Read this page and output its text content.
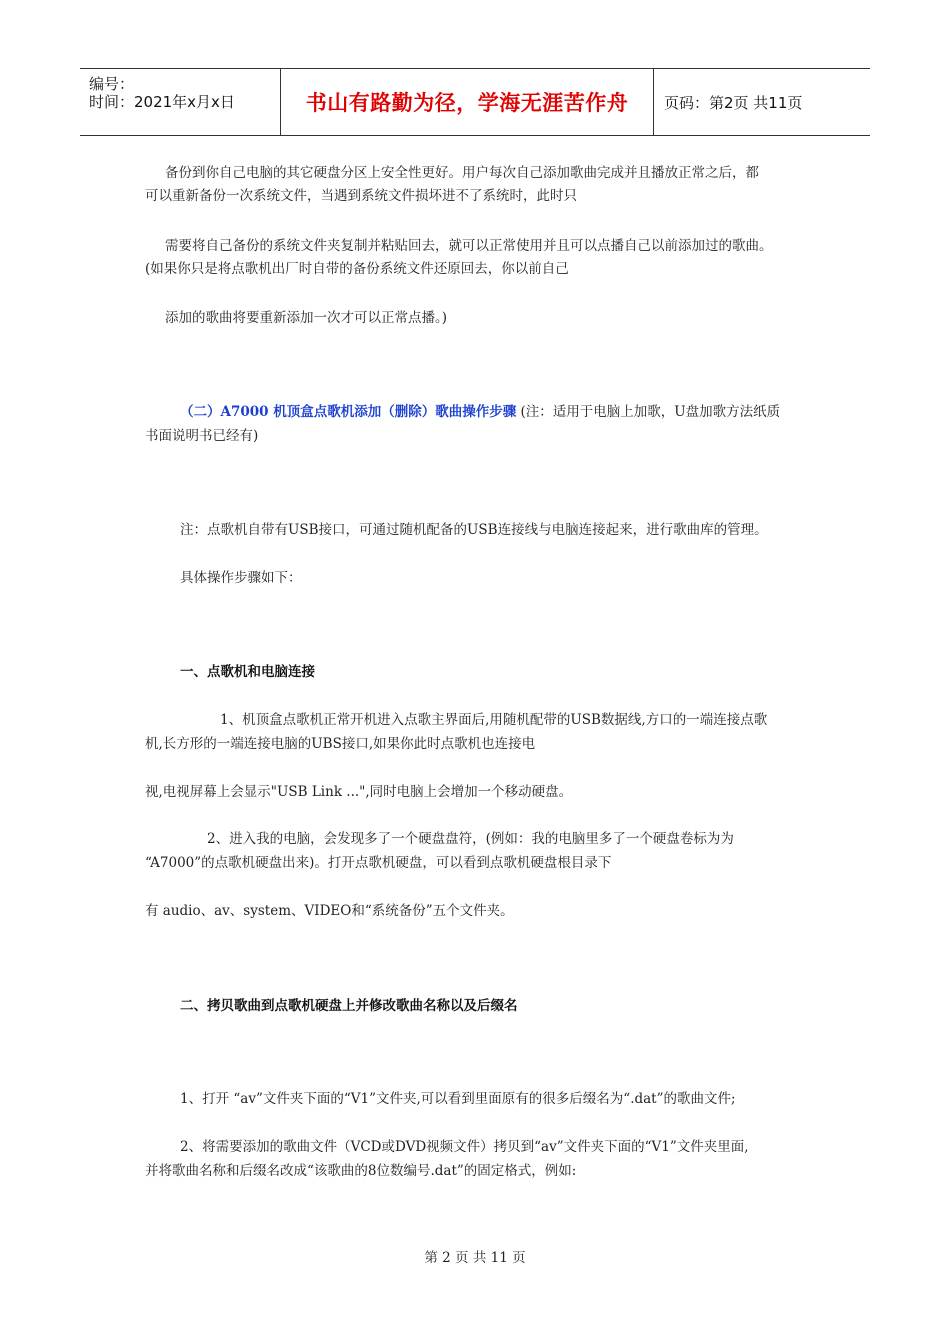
编号：
时间：2021年x月x日	书山有路勤为径，学海无涯苦作舟 页码：第2页 共11页
备份到你自己电脑的其它硬盘分区上安全性更好。用户每次自己添加歌曲完成并且播放正常之后，都
可以重新备份一次系统文件，当遇到系统文件损坏进不了系统时，此时只
需要将自己备份的系统文件夹复制并粘贴回去，就可以正常使用并且可以点播自己以前添加过的歌曲。
(如果你只是将点歌机出厂时自带的备份系统文件还原回去，你以前自己
添加的歌曲将要重新添加一次才可以正常点播。)
（二）A7000 机顶盒点歌机添加（删除）歌曲操作步骤 (注：适用于电脑上加歌，U盘加歌方法纸质
书面说明书已经有)
注：点歌机自带有USB接口，可通过随机配备的USB连接线与电脑连接起来，进行歌曲库的管理。
具体操作步骤如下：
一、点歌机和电脑连接
1、机顶盒点歌机正常开机进入点歌主界面后,用随机配带的USB数据线,方口的一端连接点歌
机,长方形的一端连接电脑的UBS接口,如果你此时点歌机也连接电
视,电视屏幕上会显示"USB Link ...",同时电脑上会增加一个移动硬盘。
2、进入我的电脑，会发现多了一个硬盘盘符，(例如：我的电脑里多了一个硬盘卷标为为
“A7000”的点歌机硬盘出来)。打开点歌机硬盘，可以看到点歌机硬盘根目录下
有 audio、av、system、VIDEO和“系统备份”五个文件夹。
二、拷贝歌曲到点歌机硬盘上并修改歌曲名称以及后缀名
1、打开 “av”文件夹下面的“V1”文件夹,可以看到里面原有的很多后缀名为“.dat”的歌曲文件;
2、将需要添加的歌曲文件（VCD或DVD视频文件）拷贝到“av”文件夹下面的“V1”文件夹里面,
并将歌曲名称和后缀名改成“该歌曲的8位数编号.dat”的固定格式，例如:
第 2 页 共 11 页
